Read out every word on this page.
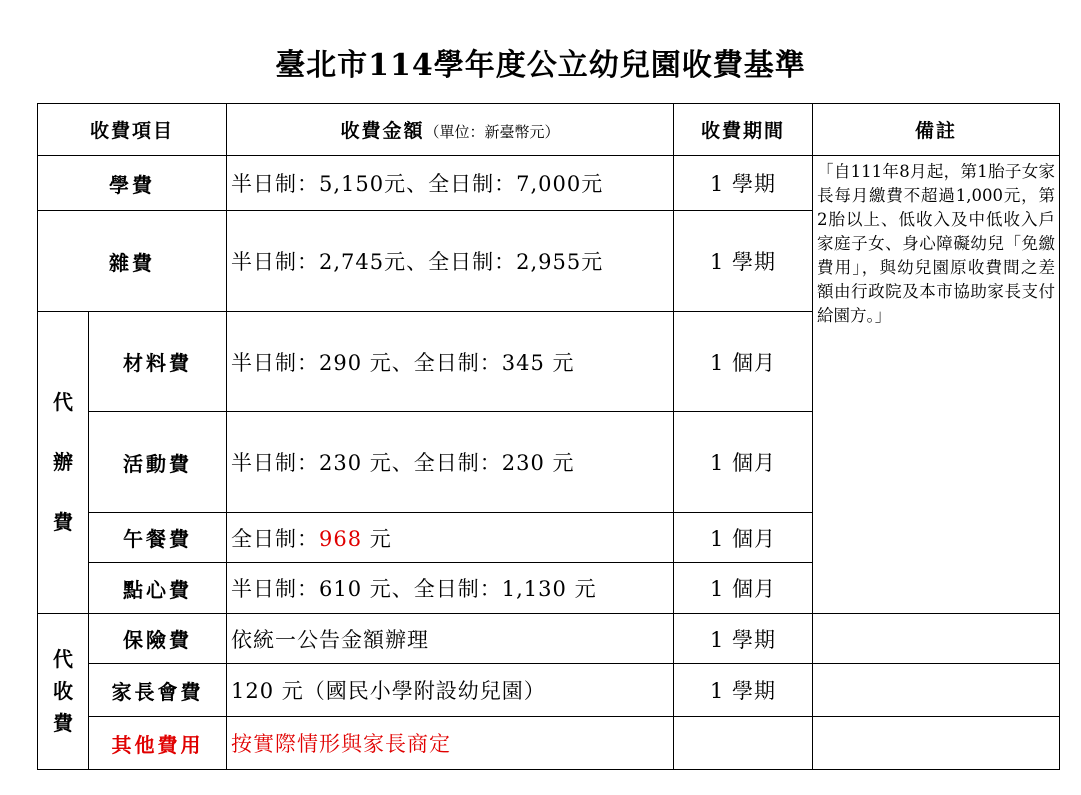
臺北市114學年度公立幼兒園收費基準
收費項目		收費金額（單位：新臺幣元）	收費期間	備註
學費		半日制：5,150元、全日制：7,000元	1 學期	「自111年8月起，第1胎子女家長每月繳費不超過1,000元，第2胎以上、低收入及中低收入戶家庭子女、身心障礙幼兒「免繳費用」，與幼兒園原收費間之差額由行政院及本市協助家長支付給園方。」
雜費		半日制：2,745元、全日制：2,955元	1 學期	

代
辦
費	材料費	半日制：290 元、全日制：345 元	1 個月	
	活動費	半日制：230 元、全日制：230 元	1 個月	
	午餐費	全日制：968 元	1 個月	
	點心費	半日制：610 元、全日制：1,130 元	1 個月	

代
收
費	保險費	依統一公告金額辦理	1 學期	
	家長會費	120 元（國民小學附設幼兒園）	1 學期	
	其他費用	按實際情形與家長商定		
